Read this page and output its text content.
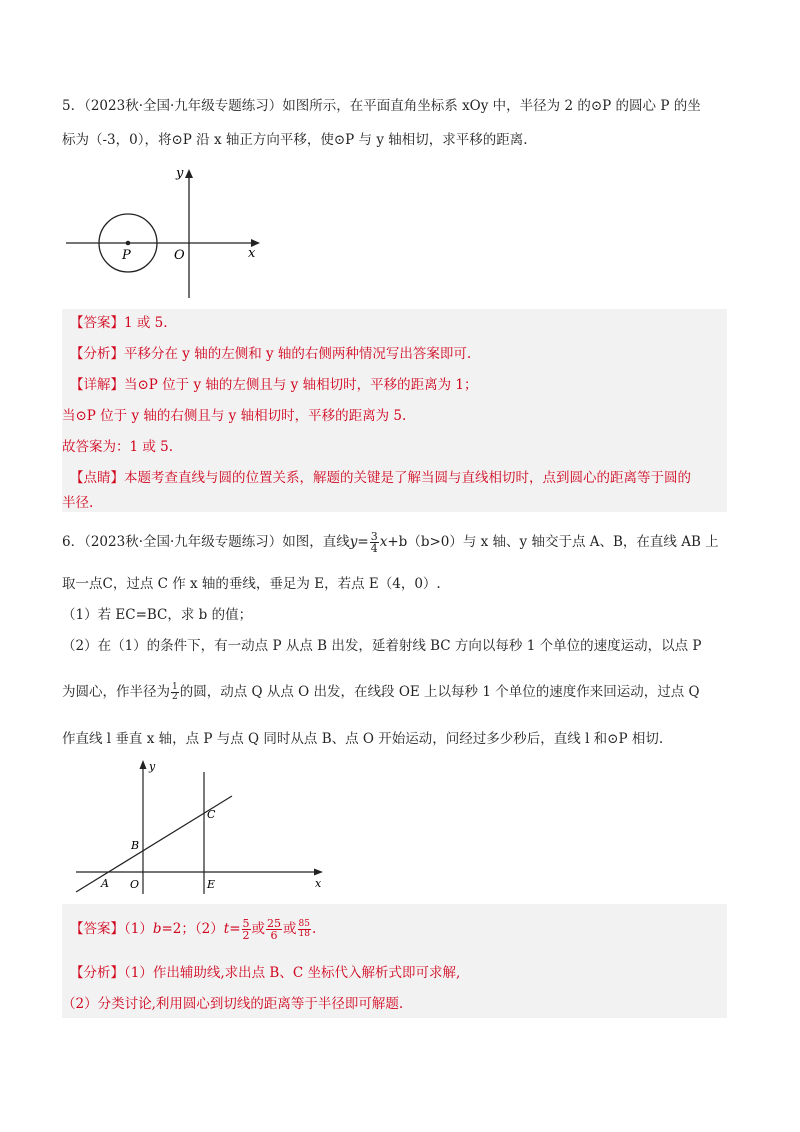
5．（2023秋·全国·九年级专题练习）如图所示，在平面直角坐标系 xOy 中，半径为 2 的⊙P 的圆心 P 的坐
标为（-3，0），将⊙P 沿 x 轴正方向平移，使⊙P 与 y 轴相切，求平移的距离.
y
x
O
P
【答案】1 或 5.
【分析】平移分在 y 轴的左侧和 y 轴的右侧两种情况写出答案即可.
【详解】当⊙P 位于 y 轴的左侧且与 y 轴相切时，平移的距离为 1；
当⊙P 位于 y 轴的右侧且与 y 轴相切时，平移的距离为 5.
故答案为：1 或 5.
【点睛】本题考查直线与圆的位置关系，解题的关键是了解当圆与直线相切时，点到圆心的距离等于圆的
半径.
6．（2023秋·全国·九年级专题练习）如图，直线$y= \frac{3}{4} x+b(b>0)$与 x 轴、y 轴交于点 A、B，在直线 AB 上
取一点C，过点 C 作 x 轴的垂线，垂足为 E，若点 E（4，0）.
（1）若 EC=BC，求 b 的值；
（2）在（1）的条件下，有一动点 P 从点 B 出发，延着射线 BC 方向以每秒 1 个单位的速度运动，以点 P
为圆心，作半径为 $\frac{1}{2}$ 的圆，动点 Q 从点 O 出发，在线段 OE 上以每秒 1 个单位的速度作来回运动，过点 Q
作直线 l 垂直 x 轴，点 P 与点 Q 同时从点 B、点 O 开始运动，问经过多少秒后，直线 l 和⊙P 相切.
y
x
A O
B
C
E
【答案】（1）b=2；$(2)t= \frac{5}{2}$ 或 $\frac{25}{6}$ 或 $\frac{85}{18}$ .
【分析】（1）作出辅助线,求出点 B、C 坐标代入解析式即可求解,
（2）分类讨论,利用圆心到切线的距离等于半径即可解题.
